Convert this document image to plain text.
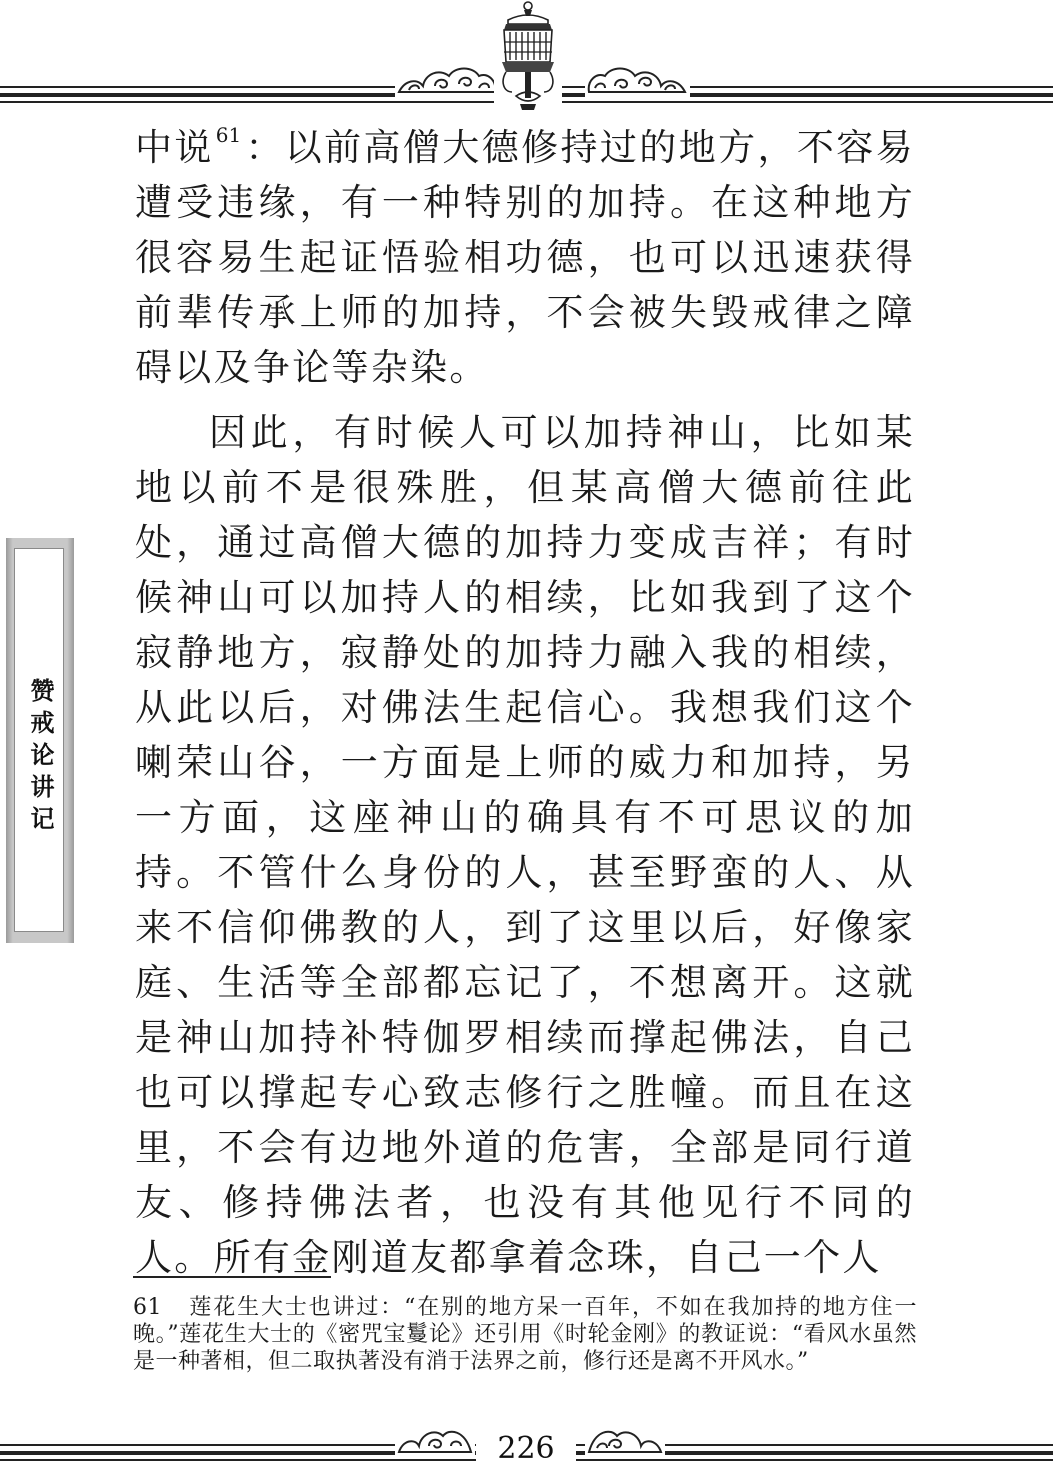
赞戒论讲记

中说 $^{61}$ ：以前高僧大德修持过的地方，不容易遭受违缘，有一种特别的加持。在这种地方很容易生起证悟验相功德，也可以迅速获得前辈传承上师的加持，不会被失毁戒律之障碍以及争论等杂染。

因此，有时候人可以加持神山，比如某地以前不是很殊胜，但某高僧大德前往此处，通过高僧大德的加持力变成吉祥；有时候神山可以加持人的相续，比如我到了这个寂静地方，寂静处的加持力融入我的相续，从此以后，对佛法生起信心。我想我们这个喇荣山谷，一方面是上师的威力和加持，另一方面，这座神山的确具有不可思议的加持。不管什么身份的人，甚至野蛮的人、从来不信仰佛教的人，到了这里以后，好像家庭、生活等全部都忘记了，不想离开。这就是神山加持补特伽罗相续而撑起佛法，自己也可以撑起专心致志修行之胜幢。而且在这里，不会有边地外道的危害，全部是同行道友、修持佛法者，也没有其他见行不同的人。所有金刚道友都拿着念珠，自己一个人

61 莲花生大士也讲过：“在别的地方呆一百年，不如在我加持的地方住一晚。”莲花生大士的《密咒宝鬘论》还引用《时轮金刚》的教证说：“看风水虽然是一种著相，但二取执著没有消于法界之前，修行还是离不开风水。”
226
